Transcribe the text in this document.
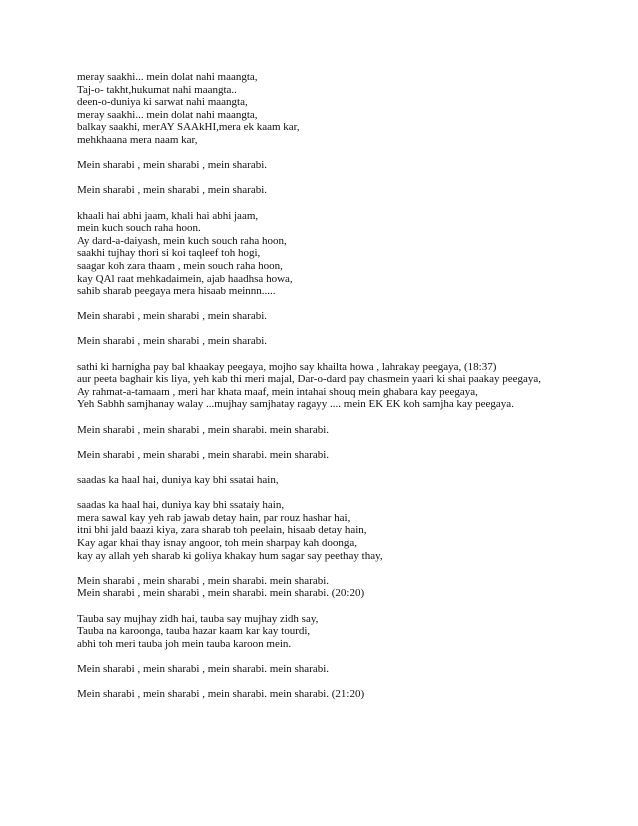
meray saakhi... mein dolat nahi maangta,
Taj-o- takht,hukumat nahi maangta..
deen-o-duniya ki sarwat nahi maangta,
meray saakhi... mein dolat nahi maangta,
balkay saakhi, merAY SAAkHI,mera ek kaam kar,
mehkhaana mera naam kar,
Mein sharabi , mein sharabi , mein sharabi.
Mein sharabi , mein sharabi , mein sharabi.
khaali hai abhi jaam, khali hai abhi jaam,
mein kuch souch raha hoon.
Ay dard-a-daiyash, mein kuch souch raha hoon,
saakhi tujhay thori si koi taqleef toh hogi,
saagar koh zara thaam , mein souch raha hoon,
kay QAl raat mehkadaimein, ajab haadhsa howa,
sahib sharab peegaya mera hisaab meinnn.....
Mein sharabi , mein sharabi , mein sharabi.
Mein sharabi , mein sharabi , mein sharabi.
sathi ki harnigha pay bal khaakay peegaya, mojho say khailta howa , lahrakay peegaya, (18:37)
aur peeta baghair kis liya, yeh kab thi meri majal, Dar-o-dard pay chasmein yaari ki shai paakay peegaya,
Ay rahmat-a-tamaam , meri har khata maaf, mein intahai shouq mein ghabara kay peegaya,
Yeh Sabhh samjhanay walay ...mujhay samjhatay ragayy .... mein EK EK koh samjha kay peegaya.
Mein sharabi , mein sharabi , mein sharabi. mein sharabi.
Mein sharabi , mein sharabi , mein sharabi. mein sharabi.
saadas ka haal hai, duniya kay bhi ssatai hain,
saadas ka haal hai, duniya kay bhi ssataiy hain,
mera sawal kay yeh rab jawab detay hain, par rouz hashar hai,
itni bhi jald baazi kiya, zara sharab toh peelain, hisaab detay hain,
Kay agar khai thay isnay angoor, toh mein sharpay kah doonga,
kay ay allah yeh sharab ki goliya khakay hum sagar say peethay thay,
Mein sharabi , mein sharabi , mein sharabi. mein sharabi.
Mein sharabi , mein sharabi , mein sharabi. mein sharabi. (20:20)
Tauba say mujhay zidh hai, tauba say mujhay zidh say,
Tauba na karoonga, tauba hazar kaam kar kay tourdi,
abhi toh meri tauba joh mein tauba karoon mein.
Mein sharabi , mein sharabi , mein sharabi. mein sharabi.
Mein sharabi , mein sharabi , mein sharabi. mein sharabi. (21:20)
